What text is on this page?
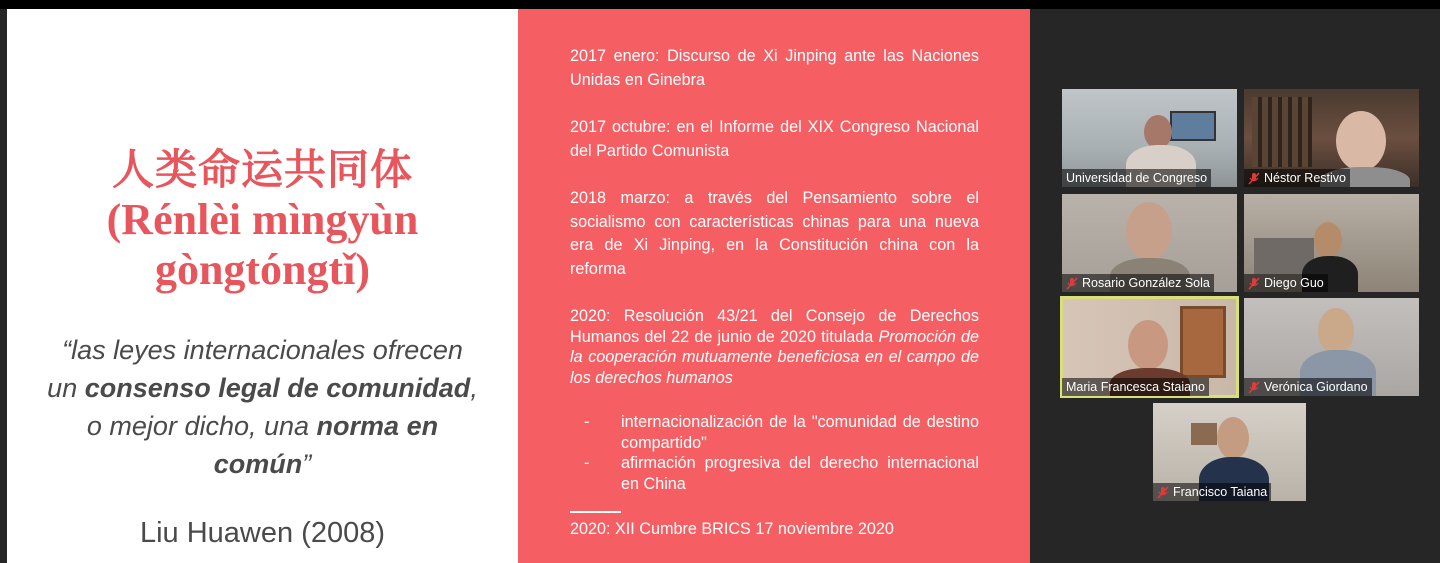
人类命运共同体
(Rénlèi mìngyùn
gòngtóngtǐ)
“las leyes internacionales ofrecen
un consenso legal de comunidad,
o mejor dicho, una norma en
común”
Liu Huawen (2008)
2017 enero: Discurso de Xi Jinping ante las Naciones Unidas en Ginebra
2017 octubre: en el Informe del XIX Congreso Nacional del Partido Comunista
2018 marzo: a través del Pensamiento sobre el socialismo con características chinas para una nueva era de Xi Jinping, en la Constitución china con la reforma
2020: Resolución 43/21 del Consejo de Derechos Humanos del 22 de junio de 2020 titulada Promoción de la cooperación mutuamente beneficiosa en el campo de los derechos humanos
- internacionalización de la "comunidad de destino compartido"
- afirmación progresiva del derecho internacional en China
2020: XII Cumbre BRICS 17 noviembre 2020
Universidad de Congreso	Néstor Restivo
Rosario González Sola	Diego Guo
Maria Francesca Staiano	Verónica Giordano
Francisco Taiana
